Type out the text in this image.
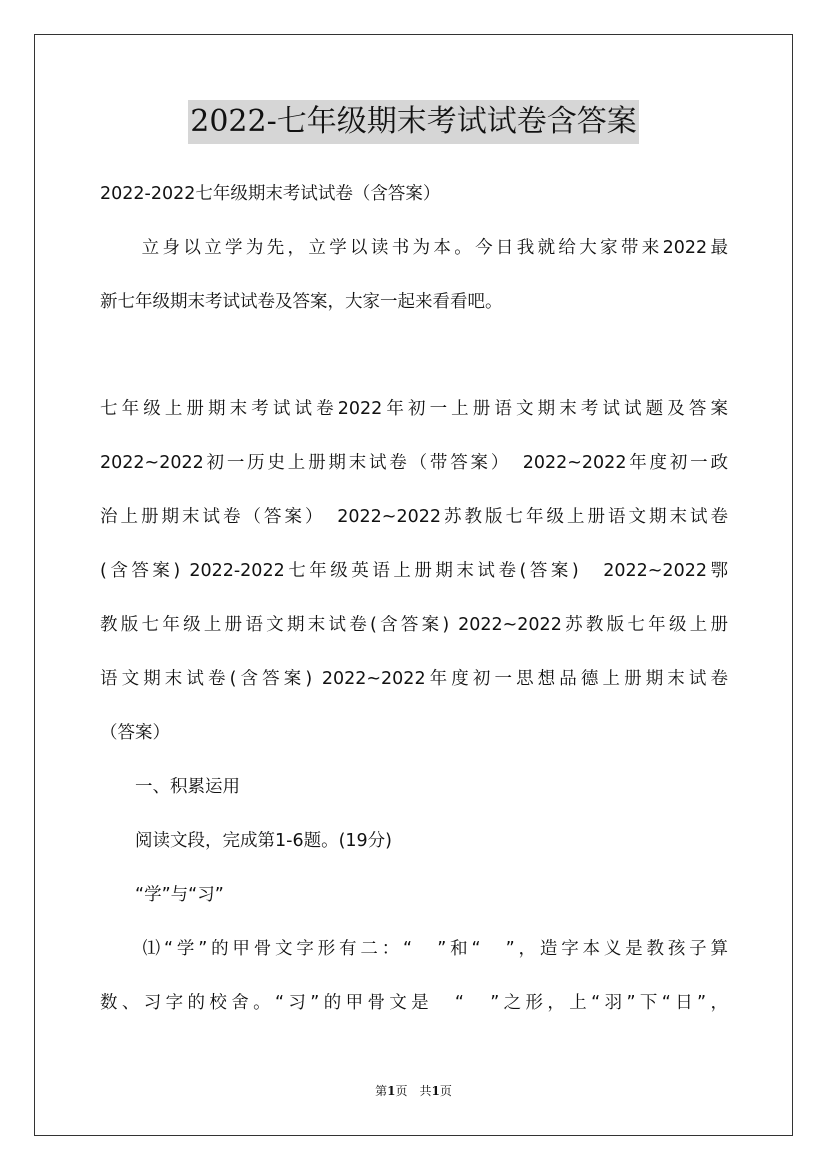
2022-七年级期末考试试卷含答案
2022-2022七年级期末考试试卷（含答案）
　　立身以立学为先，立学以读书为本。今日我就给大家带来2022最
新七年级期末考试试卷及答案，大家一起来看看吧。
七年级上册期末考试试卷2022年初一上册语文期末考试试题及答案
2022~2022初一历史上册期末试卷（带答案）　2022~2022年度初一政
治上册期末试卷（答案）　2022~2022苏教版七年级上册语文期末试卷
(含答案) 2022-2022七年级英语上册期末试卷(答案)　2022~2022鄂
教版七年级上册语文期末试卷(含答案) 2022~2022苏教版七年级上册
语文期末试卷(含答案) 2022~2022年度初一思想品德上册期末试卷
（答案）
　　一、积累运用
　　阅读文段，完成第1-6题。(19分)
　　“学”与“习”
　　⑴“学”的甲骨文字形有二：“　”和“　”，造字本义是教孩子算
数、习字的校舍。“习”的甲骨文是　“　”之形，上“羽”下“日”，
第1页　共1页
